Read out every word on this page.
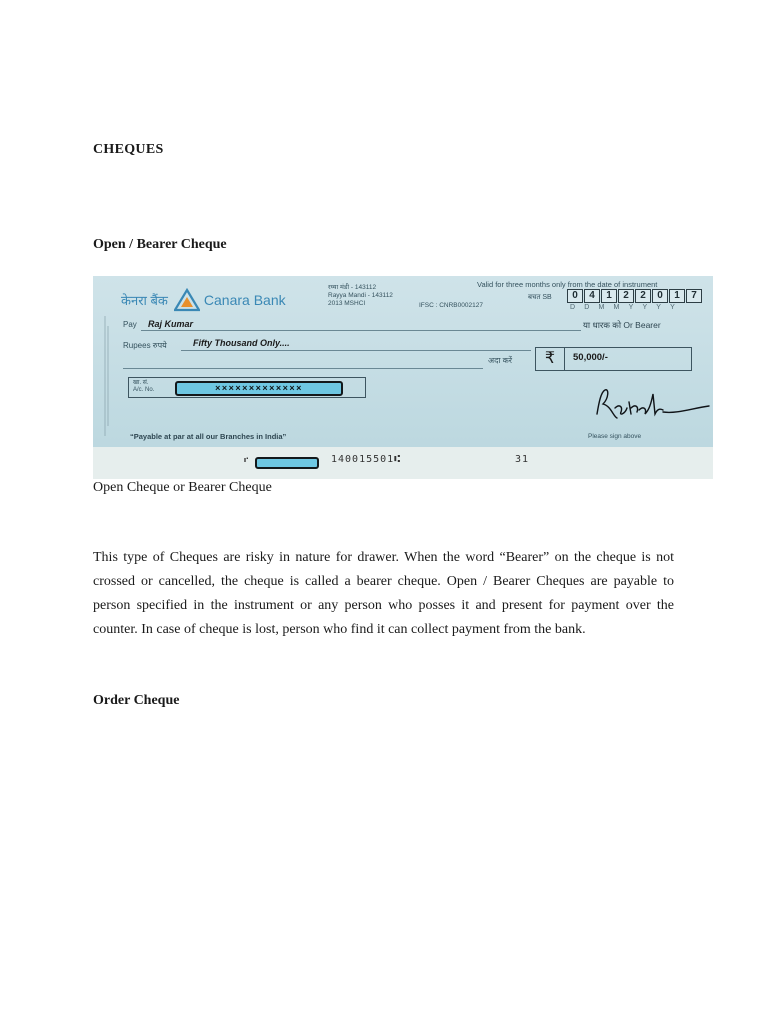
CHEQUES
Open / Bearer Cheque
केनरा बैंक	Canara Bank
रय्या मंडी - 143112
Rayya Mandi - 143112
2013 MSHCI	IFSC : CNRB0002127
Valid for three months only from the date of instrument
बचत SB	0	4	1	2	2	0	1	7
DDMMYYYY
Pay Raj Kumar	या धारक को Or Bearer
Rupees रुपये	Fifty Thousand Only....
अदा करें	₹	50,000/-
खा. सं.
A/c. No.	×××××××××××××
Please sign above
“Payable at par at all our Branches in India”
⑈	140015501⑆	31

Open Cheque or Bearer Cheque

This type of Cheques are risky in nature for drawer. When the word “Bearer” on the cheque is not crossed or cancelled, the cheque is called a bearer cheque. Open / Bearer Cheques are payable to person specified in the instrument or any person who posses it and present for payment over the counter. In case of cheque is lost, person who find it can collect payment from the bank.

Order Cheque
